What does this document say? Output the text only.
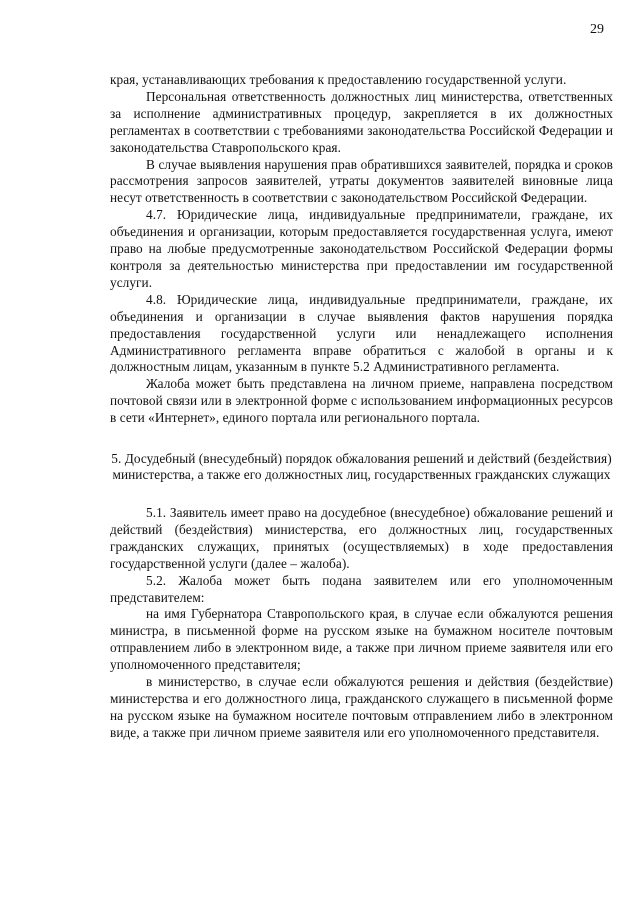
29

края, устанавливающих требования к предоставлению государственной услуги.

Персональная ответственность должностных лиц министерства, ответственных за исполнение административных процедур, закрепляется в их должностных регламентах в соответствии с требованиями законодательства Российской Федерации и законодательства Ставропольского края.

В случае выявления нарушения прав обратившихся заявителей, порядка и сроков рассмотрения запросов заявителей, утраты документов заявителей виновные лица несут ответственность в соответствии с законодательством Российской Федерации.

4.7. Юридические лица, индивидуальные предприниматели, граждане, их объединения и организации, которым предоставляется государственная услуга, имеют право на любые предусмотренные законодательством Российской Федерации формы контроля за деятельностью министерства при предоставлении им государственной услуги.

4.8. Юридические лица, индивидуальные предприниматели, граждане, их объединения и организации в случае выявления фактов нарушения порядка предоставления государственной услуги или ненадлежащего исполнения Административного регламента вправе обратиться с жалобой в органы и к должностным лицам, указанным в пункте 5.2 Административного регламента.

Жалоба может быть представлена на личном приеме, направлена посредством почтовой связи или в электронной форме с использованием информационных ресурсов в сети «Интернет», единого портала или регионального портала.

5. Досудебный (внесудебный) порядок обжалования решений и действий (бездействия) министерства, а также его должностных лиц, государственных гражданских служащих

5.1. Заявитель имеет право на досудебное (внесудебное) обжалование решений и действий (бездействия) министерства, его должностных лиц, государственных гражданских служащих, принятых (осуществляемых) в ходе предоставления государственной услуги (далее – жалоба).

5.2. Жалоба может быть подана заявителем или его уполномоченным представителем:

на имя Губернатора Ставропольского края, в случае если обжалуются решения министра, в письменной форме на русском языке на бумажном носителе почтовым отправлением либо в электронном виде, а также при личном приеме заявителя или его уполномоченного представителя;

в министерство, в случае если обжалуются решения и действия (бездействие) министерства и его должностного лица, гражданского служащего в письменной форме на русском языке на бумажном носителе почтовым отправлением либо в электронном виде, а также при личном приеме заявителя или его уполномоченного представителя.
